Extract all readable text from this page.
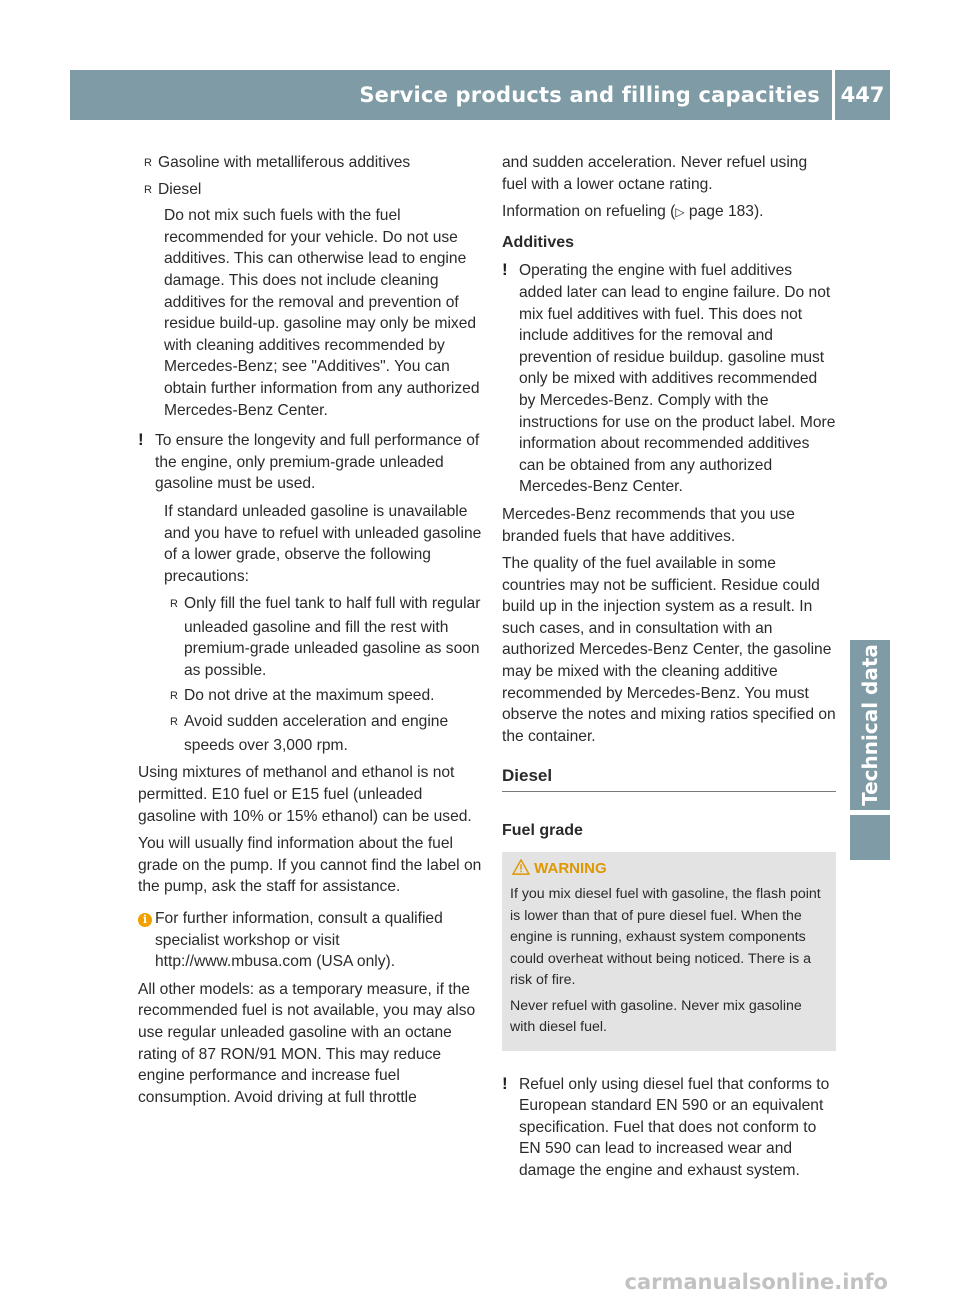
Service products and filling capacities 447
Technical data

R Gasoline with metalliferous additives

R Diesel

Do not mix such fuels with the fuel recommended for your vehicle. Do not use additives. This can otherwise lead to engine damage. This does not include cleaning additives for the removal and prevention of residue build-up. gasoline may only be mixed with cleaning additives recommended by Mercedes-Benz; see "Additives". You can obtain further information from any authorized Mercedes-Benz Center.

! To ensure the longevity and full performance of the engine, only premium-grade unleaded gasoline must be used.

If standard unleaded gasoline is unavailable and you have to refuel with unleaded gasoline of a lower grade, observe the following precautions:

R Only fill the fuel tank to half full with regular unleaded gasoline and fill the rest with premium-grade unleaded gasoline as soon as possible.

R Do not drive at the maximum speed.

R Avoid sudden acceleration and engine speeds over 3,000 rpm.

Using mixtures of methanol and ethanol is not permitted. E10 fuel or E15 fuel (unleaded gasoline with 10% or 15% ethanol) can be used.

You will usually find information about the fuel grade on the pump. If you cannot find the label on the pump, ask the staff for assistance.

i For further information, consult a qualified specialist workshop or visit http://www.mbusa.com (USA only).

All other models: as a temporary measure, if the recommended fuel is not available, you may also use regular unleaded gasoline with an octane rating of 87 RON/91 MON. This may reduce engine performance and increase fuel consumption. Avoid driving at full throttle

and sudden acceleration. Never refuel using fuel with a lower octane rating.

Information on refueling (▷ page 183).

Additives

! Operating the engine with fuel additives added later can lead to engine failure. Do not mix fuel additives with fuel. This does not include additives for the removal and prevention of residue buildup. gasoline must only be mixed with additives recommended by Mercedes-Benz. Comply with the instructions for use on the product label. More information about recommended additives can be obtained from any authorized Mercedes-Benz Center.

Mercedes-Benz recommends that you use branded fuels that have additives.

The quality of the fuel available in some countries may not be sufficient. Residue could build up in the injection system as a result. In such cases, and in consultation with an authorized Mercedes-Benz Center, the gasoline may be mixed with the cleaning additive recommended by Mercedes-Benz. You must observe the notes and mixing ratios specified on the container.

Diesel

Fuel grade

WARNING

If you mix diesel fuel with gasoline, the flash point is lower than that of pure diesel fuel. When the engine is running, exhaust system components could overheat without being noticed. There is a risk of fire.

Never refuel with gasoline. Never mix gasoline with diesel fuel.

! Refuel only using diesel fuel that conforms to European standard EN 590 or an equivalent specification. Fuel that does not conform to EN 590 can lead to increased wear and damage the engine and exhaust system.
carmanualsonline.info
